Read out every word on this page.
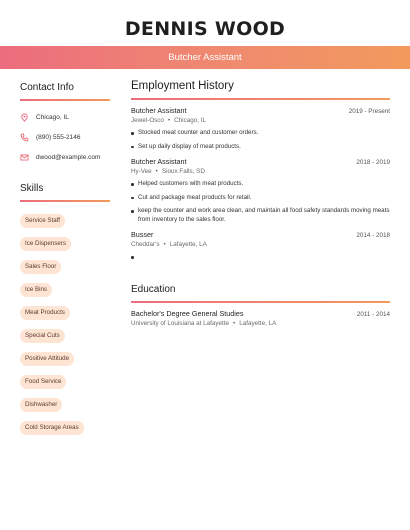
DENNIS WOOD
Butcher Assistant
Contact Info
Chicago, IL
(890) 555-2146
dwood@example.com
Skills
Service Staff
Ice Dispensers
Sales Floor
Ice Bins
Meat Products
Special Cuts
Positive Attitude
Food Service
Dishwasher
Cold Storage Areas
Employment History
Butcher Assistant	2019 - Present
Jewel-Osco • Chicago, IL
Stocked meat counter and customer orders.
Set up daily display of meat products.
Butcher Assistant	2018 - 2019
Hy-Vee • Sioux Falls, SD
Helped customers with meat products.
Cut and package meat products for retail.
keep the counter and work area clean, and maintain all food safety standards moving meats from inventory to the sales floor.
Busser	2014 - 2018
Cheddar's • Lafayette, LA
Education
Bachelor's Degree General Studies	2011 - 2014
University of Louisiana at Lafayette • Lafayette, LA
